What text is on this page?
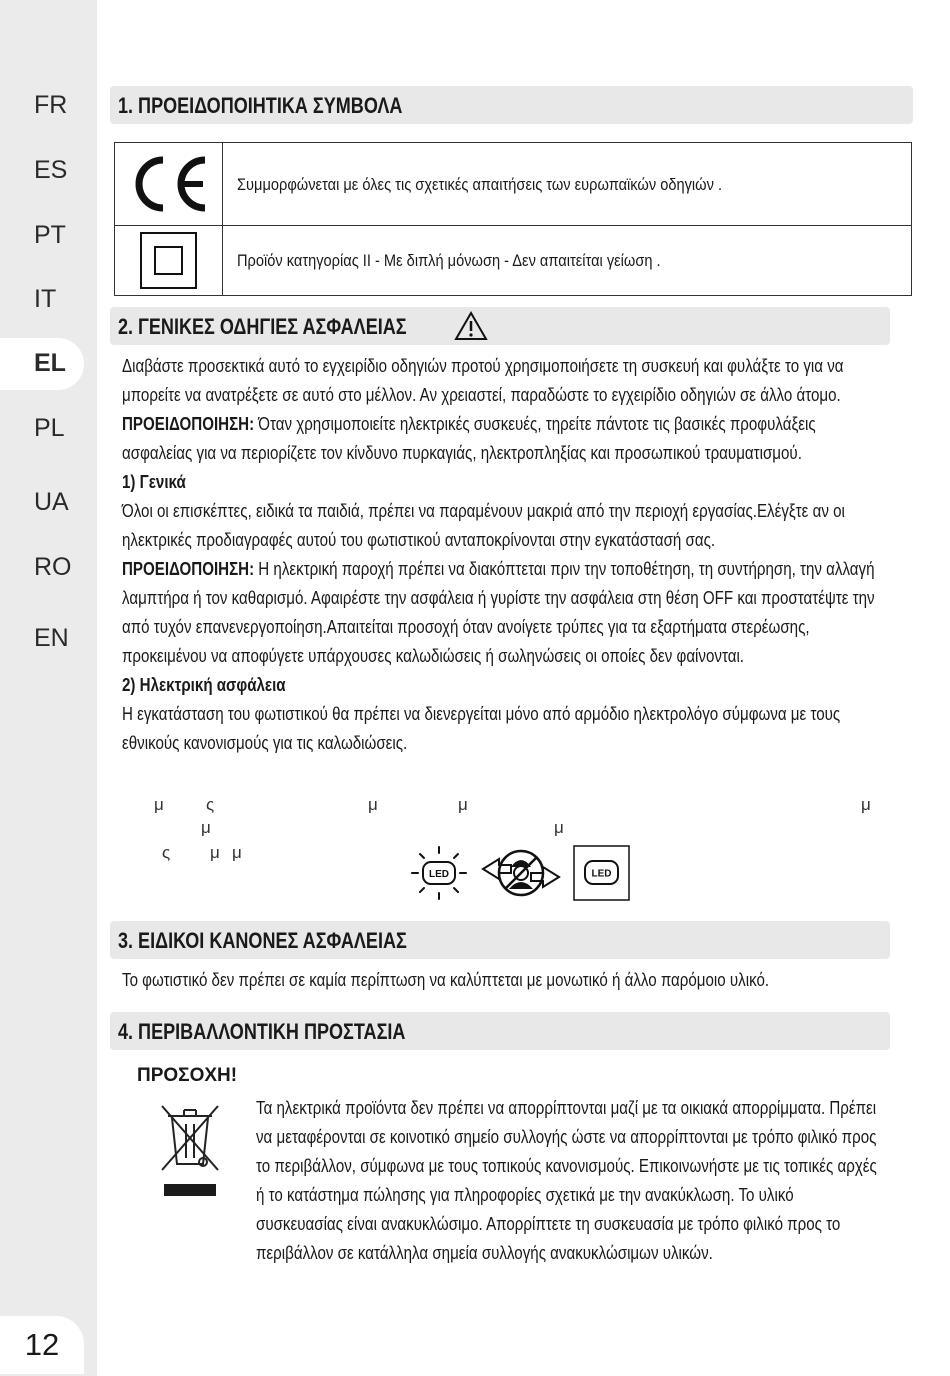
FR
ES
PT
IT
EL
PL
UA
RO
EN
12
1. ΠΡΟΕΙΔΟΠΟΙΗΤΙΚΑ ΣΥΜΒΟΛΑ
Συμμορφώνεται με όλες τις σχετικές απαιτήσεις των ευρωπαϊκών οδηγιών .
Προϊόν κατηγορίας II - Με διπλή μόνωση - Δεν απαιτείται γείωση .
2. ΓΕΝΙΚΕΣ ΟΔΗΓΙΕΣ ΑΣΦΑΛΕΙΑΣ

Διαβάστε προσεκτικά αυτό το εγχειρίδιο οδηγιών προτού χρησιμοποιήσετε τη συσκευή και φυλάξτε το για να μπορείτε να ανατρέξετε σε αυτό στο μέλλον. Αν χρειαστεί, παραδώστε το εγχειρίδιο οδηγιών σε άλλο άτομο.

ΠΡΟΕΙΔΟΠΟΙΗΣΗ: Όταν χρησιμοποιείτε ηλεκτρικές συσκευές, τηρείτε πάντοτε τις βασικές προφυλάξεις ασφαλείας για να περιορίζετε τον κίνδυνο πυρκαγιάς, ηλεκτροπληξίας και προσωπικού τραυματισμού.

1) Γενικά

Όλοι οι επισκέπτες, ειδικά τα παιδιά, πρέπει να παραμένουν μακριά από την περιοχή εργασίας.Ελέγξτε αν οι ηλεκτρικές προδιαγραφές αυτού του φωτιστικού ανταποκρίνονται στην εγκατάστασή σας.

ΠΡΟΕΙΔΟΠΟΙΗΣΗ: Η ηλεκτρική παροχή πρέπει να διακόπτεται πριν την τοποθέτηση, τη συντήρηση, την αλλαγή λαμπτήρα ή τον καθαρισμό. Αφαιρέστε την ασφάλεια ή γυρίστε την ασφάλεια στη θέση OFF και προστατέψτε την από τυχόν επανενεργοποίηση.Απαιτείται προσοχή όταν ανοίγετε τρύπες για τα εξαρτήματα στερέωσης, προκειμένου να αποφύγετε υπάρχουσες καλωδιώσεις ή σωληνώσεις οι οποίες δεν φαίνονται.

2) Ηλεκτρική ασφάλεια

Η εγκατάσταση του φωτιστικού θα πρέπει να διενεργείται μόνο από αρμόδιο ηλεκτρολόγο σύμφωνα με τους εθνικούς κανονισμούς για τις καλωδιώσεις.

μ ς	μ	μ	μ
μ	μ
ς μ μ
LED	LED
3. ΕΙΔΙΚΟΙ ΚΑΝΟΝΕΣ ΑΣΦΑΛΕΙΑΣ

Το φωτιστικό δεν πρέπει σε καμία περίπτωση να καλύπτεται με μονωτικό ή άλλο παρόμοιο υλικό.

4. ΠΕΡΙΒΑΛΛΟΝΤΙΚΗ ΠΡΟΣΤΑΣΙΑ
ΠΡΟΣΟΧΗ!
Τα ηλεκτρικά προϊόντα δεν πρέπει να απορρίπτονται μαζί με τα οικιακά απορρίμματα. Πρέπει να μεταφέρονται σε κοινοτικό σημείο συλλογής ώστε να απορρίπτονται με τρόπο φιλικό προς το περιβάλλον, σύμφωνα με τους τοπικούς κανονισμούς. Επικοινωνήστε με τις τοπικές αρχές ή το κατάστημα πώλησης για πληροφορίες σχετικά με την ανακύκλωση. Το υλικό συσκευασίας είναι ανακυκλώσιμο. Απορρίπτετε τη συσκευασία με τρόπο φιλικό προς το περιβάλλον σε κατάλληλα σημεία συλλογής ανακυκλώσιμων υλικών.
